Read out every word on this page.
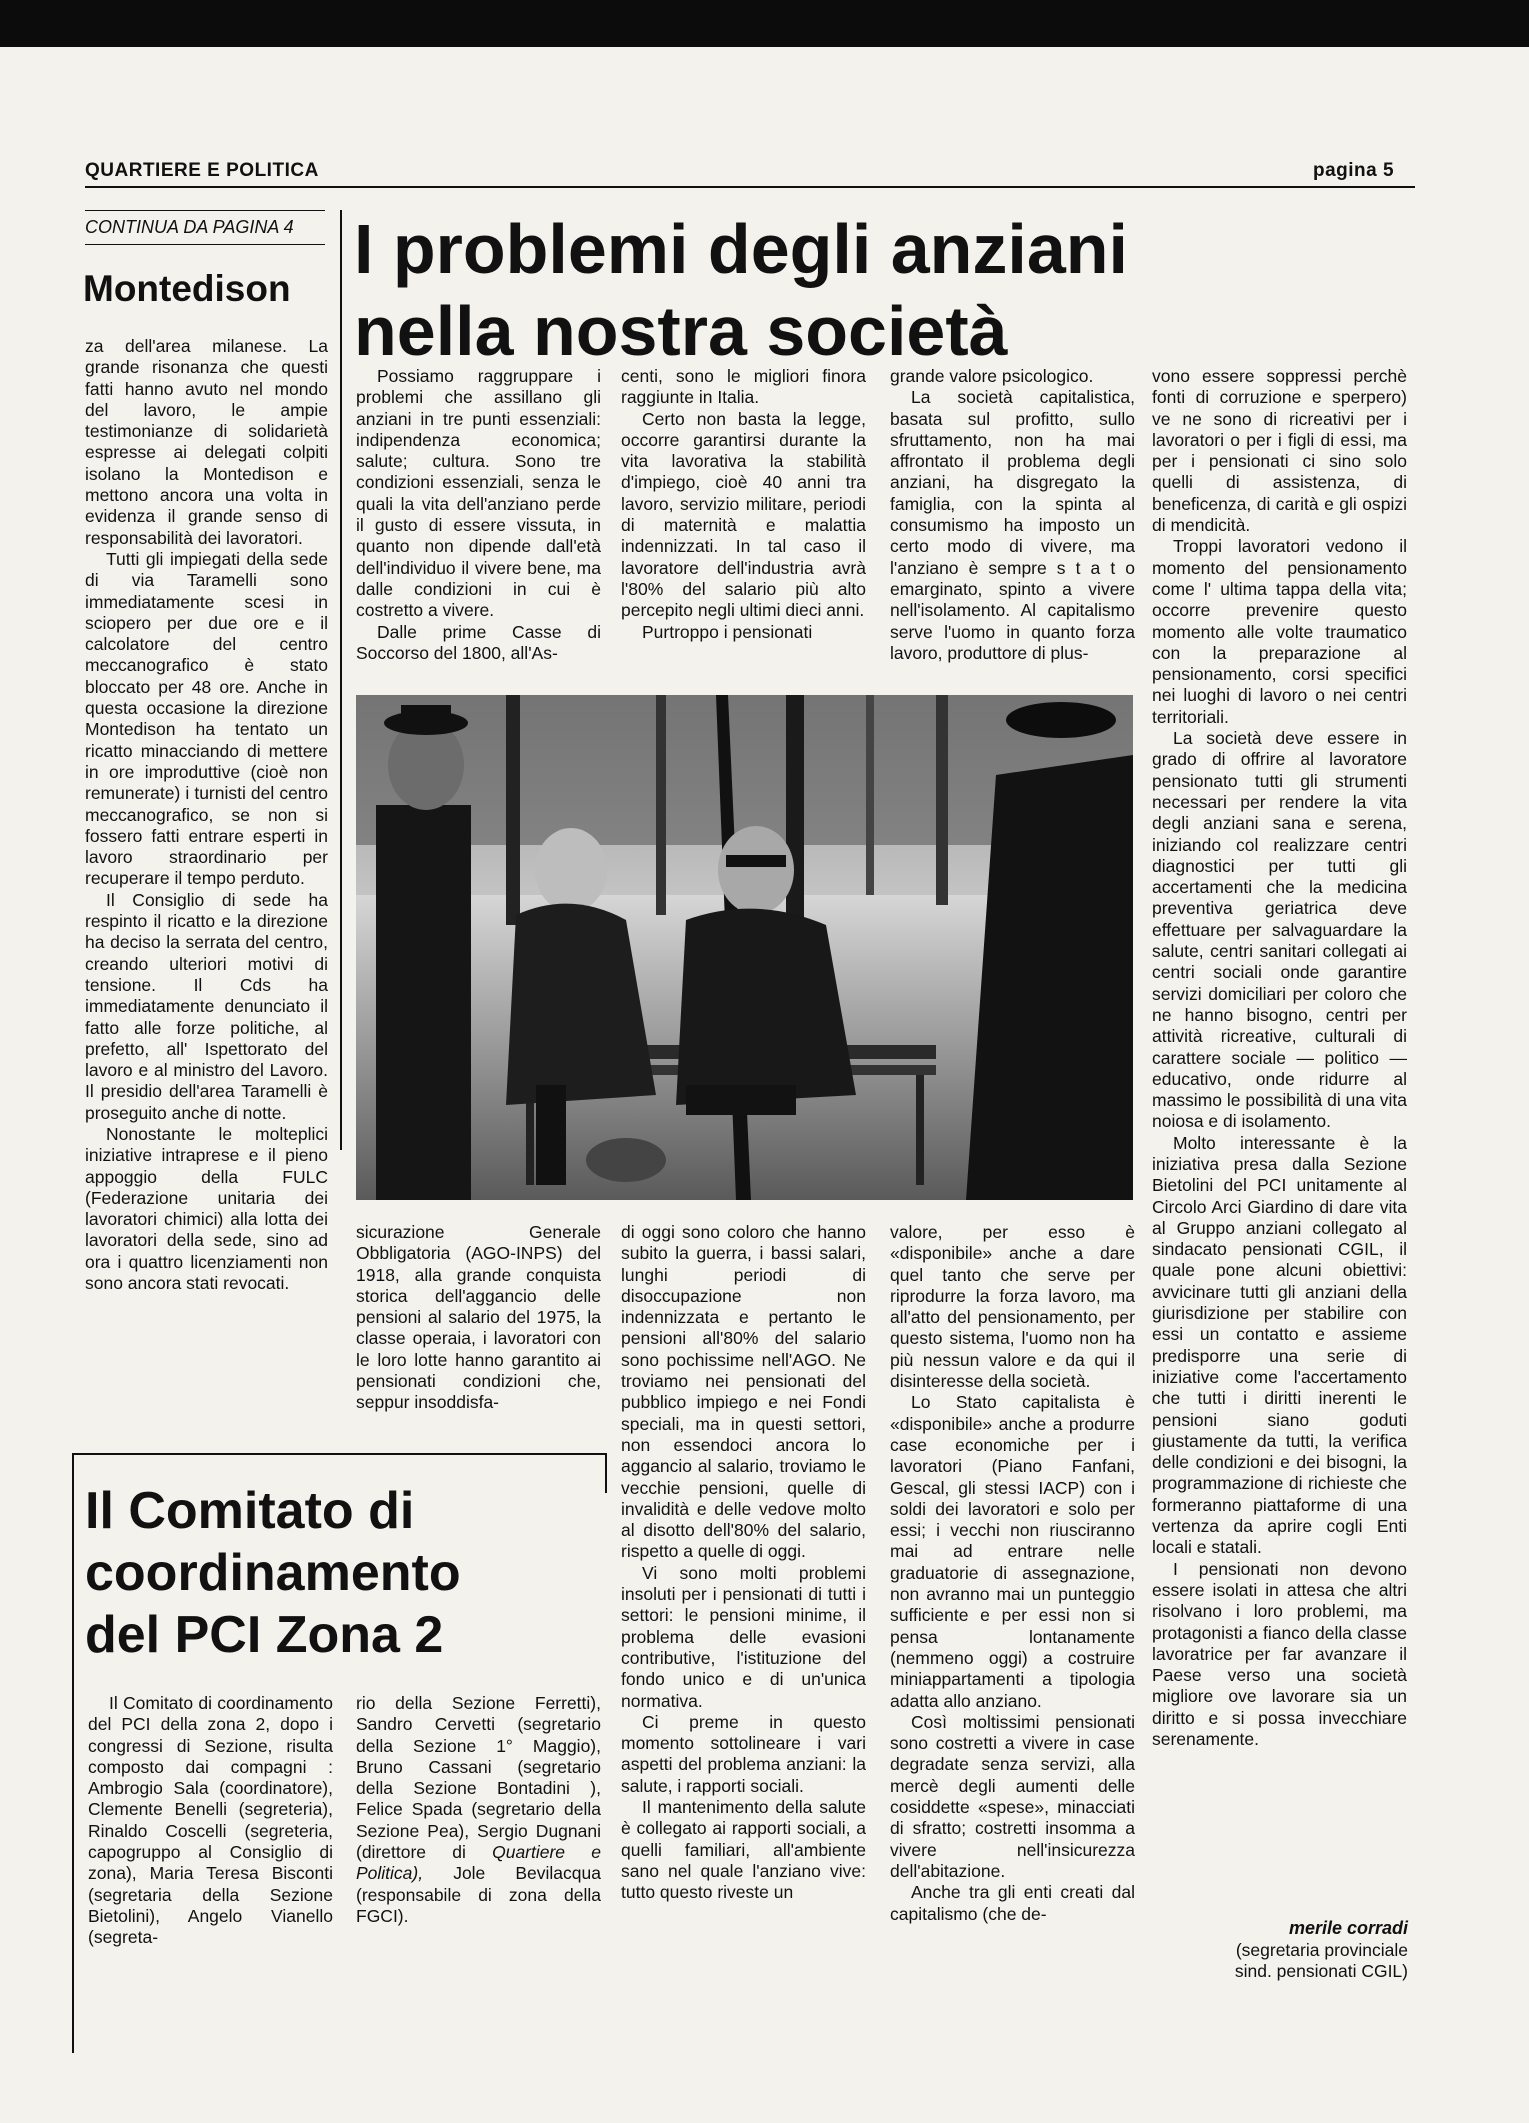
QUARTIERE E POLITICA	pagina 5
CONTINUA DA PAGINA 4
Montedison

za dell'area milanese. La grande risonanza che questi fatti hanno avuto nel mondo del lavoro, le ampie testimonianze di solidarietà espresse ai delegati colpiti isolano la Montedison e mettono ancora una volta in evidenza il grande senso di responsabilità dei lavoratori.

Tutti gli impiegati della sede di via Taramelli sono immediatamente scesi in sciopero per due ore e il calcolatore del centro meccanografico è stato bloccato per 48 ore. Anche in questa occasione la direzione Montedison ha tentato un ricatto minacciando di mettere in ore improduttive (cioè non remunerate) i turnisti del centro meccanografico, se non si fossero fatti entrare esperti in lavoro straordinario per recuperare il tempo perduto.

Il Consiglio di sede ha respinto il ricatto e la direzione ha deciso la serrata del centro, creando ulteriori motivi di tensione. Il Cds ha immediatamente denunciato il fatto alle forze politiche, al prefetto, all' Ispettorato del lavoro e al ministro del Lavoro. Il presidio dell'area Taramelli è proseguito anche di notte.

Nonostante le molteplici iniziative intraprese e il pieno appoggio della FULC (Federazione unitaria dei lavoratori chimici) alla lotta dei lavoratori della sede, sino ad ora i quattro licenziamenti non sono ancora stati revocati.

I problemi degli anziani
nella nostra società

Possiamo raggruppare i problemi che assillano gli anziani in tre punti essenziali: indipendenza economica; salute; cultura. Sono tre condizioni essenziali, senza le quali la vita dell'anziano perde il gusto di essere vissuta, in quanto non dipende dall'età dell'individuo il vivere bene, ma dalle condizioni in cui è costretto a vivere.

Dalle prime Casse di Soccorso del 1800, all'As-

centi, sono le migliori finora raggiunte in Italia.

Certo non basta la legge, occorre garantirsi durante la vita lavorativa la stabilità d'impiego, cioè 40 anni tra lavoro, servizio militare, periodi di maternità e malattia indennizzati. In tal caso il lavoratore dell'industria avrà l'80% del salario più alto percepito negli ultimi dieci anni.

Purtroppo i pensionati

grande valore psicologico.

La società capitalistica, basata sul profitto, sullo sfruttamento, non ha mai affrontato il problema degli anziani, ha disgregato la famiglia, con la spinta al consumismo ha imposto un certo modo di vivere, ma l'anziano è sempre s t a t o emarginato, spinto a vivere nell'isolamento. Al capitalismo serve l'uomo in quanto forza lavoro, produttore di plus-

sicurazione Generale Obbligatoria (AGO-INPS) del 1918, alla grande conquista storica dell'aggancio delle pensioni al salario del 1975, la classe operaia, i lavoratori con le loro lotte hanno garantito ai pensionati condizioni che, seppur insoddisfa-

di oggi sono coloro che hanno subito la guerra, i bassi salari, lunghi periodi di disoccupazione non indennizzata e pertanto le pensioni all'80% del salario sono pochissime nell'AGO. Ne troviamo nei pensionati del pubblico impiego e nei Fondi speciali, ma in questi settori, non essendoci ancora lo aggancio al salario, troviamo le vecchie pensioni, quelle di invalidità e delle vedove molto al disotto dell'80% del salario, rispetto a quelle di oggi.

Vi sono molti problemi insoluti per i pensionati di tutti i settori: le pensioni minime, il problema delle evasioni contributive, l'istituzione del fondo unico e di un'unica normativa.

Ci preme in questo momento sottolineare i vari aspetti del problema anziani: la salute, i rapporti sociali.

Il mantenimento della salute è collegato ai rapporti sociali, a quelli familiari, all'ambiente sano nel quale l'anziano vive: tutto questo riveste un

valore, per esso è «disponibile» anche a dare quel tanto che serve per riprodurre la forza lavoro, ma all'atto del pensionamento, per questo sistema, l'uomo non ha più nessun valore e da qui il disinteresse della società.

Lo Stato capitalista è «disponibile» anche a produrre case economiche per i lavoratori (Piano Fanfani, Gescal, gli stessi IACP) con i soldi dei lavoratori e solo per essi; i vecchi non riusciranno mai ad entrare nelle graduatorie di assegnazione, non avranno mai un punteggio sufficiente e per essi non si pensa lontanamente (nemmeno oggi) a costruire miniappartamenti a tipologia adatta allo anziano.

Così moltissimi pensionati sono costretti a vivere in case degradate senza servizi, alla mercè degli aumenti delle cosiddette «spese», minacciati di sfratto; costretti insomma a vivere nell'insicurezza dell'abitazione.

Anche tra gli enti creati dal capitalismo (che de-

vono essere soppressi perchè fonti di corruzione e sperpero) ve ne sono di ricreativi per i lavoratori o per i figli di essi, ma per i pensionati ci sino solo quelli di assistenza, di beneficenza, di carità e gli ospizi di mendicità.

Troppi lavoratori vedono il momento del pensionamento come l' ultima tappa della vita; occorre prevenire questo momento alle volte traumatico con la preparazione al pensionamento, corsi specifici nei luoghi di lavoro o nei centri territoriali.

La società deve essere in grado di offrire al lavoratore pensionato tutti gli strumenti necessari per rendere la vita degli anziani sana e serena, iniziando col realizzare centri diagnostici per tutti gli accertamenti che la medicina preventiva geriatrica deve effettuare per salvaguardare la salute, centri sanitari collegati ai centri sociali onde garantire servizi domiciliari per coloro che ne hanno bisogno, centri per attività ricreative, culturali di carattere sociale — politico — educativo, onde ridurre al massimo le possibilità di una vita noiosa e di isolamento.

Molto interessante è la iniziativa presa dalla Sezione Bietolini del PCI unitamente al Circolo Arci Giardino di dare vita al Gruppo anziani collegato al sindacato pensionati CGIL, il quale pone alcuni obiettivi: avvicinare tutti gli anziani della giurisdizione per stabilire con essi un contatto e assieme predisporre una serie di iniziative come l'accertamento che tutti i diritti inerenti le pensioni siano goduti giustamente da tutti, la verifica delle condizioni e dei bisogni, la programmazione di richieste che formeranno piattaforme di una vertenza da aprire cogli Enti locali e statali.

I pensionati non devono essere isolati in attesa che altri risolvano i loro problemi, ma protagonisti a fianco della classe lavoratrice per far avanzare il Paese verso una società migliore ove lavorare sia un diritto e si possa invecchiare serenamente.

merile corradi
(segretaria provinciale
sind. pensionati CGIL)
Il Comitato di
coordinamento
del PCI Zona 2

Il Comitato di coordinamento del PCI della zona 2, dopo i congressi di Sezione, risulta composto dai compagni : Ambrogio Sala (coordinatore), Clemente Benelli (segreteria), Rinaldo Coscelli (segreteria, capogruppo al Consiglio di zona), Maria Teresa Bisconti (segretaria della Sezione Bietolini), Angelo Vianello (segreta-

rio della Sezione Ferretti), Sandro Cervetti (segretario della Sezione 1° Maggio), Bruno Cassani (segretario della Sezione Bontadini ), Felice Spada (segretario della Sezione Pea), Sergio Dugnani (direttore di Quartiere e Politica), Jole Bevilacqua (responsabile di zona della FGCI).
